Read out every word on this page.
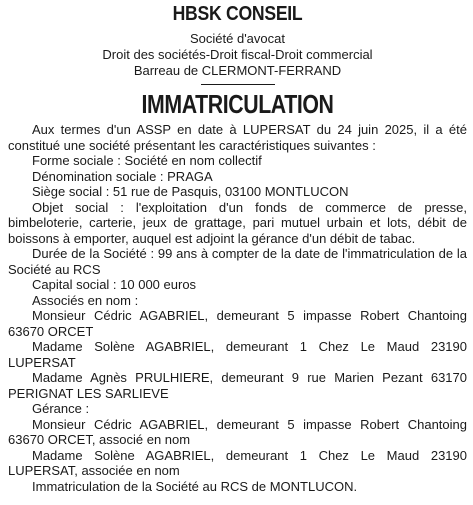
HBSK CONSEIL
Société d'avocat
Droit des sociétés-Droit fiscal-Droit commercial
Barreau de CLERMONT-FERRAND
IMMATRICULATION

Aux termes d'un ASSP en date à LUPERSAT du 24 juin 2025, il a été constitué une société présentant les caractéristiques suivantes :

Forme sociale : Société en nom collectif

Dénomination sociale : PRAGA

Siège social : 51 rue de Pasquis, 03100 MONTLUCON

Objet social : l'exploitation d'un fonds de commerce de presse, bimbeloterie, carterie, jeux de grattage, pari mutuel urbain et lots, débit de boissons à emporter, auquel est adjoint la gérance d'un débit de tabac.

Durée de la Société : 99 ans à compter de la date de l'immatriculation de la Société au RCS

Capital social : 10 000 euros

Associés en nom :

Monsieur Cédric AGABRIEL, demeurant 5 impasse Robert Chantoing 63670 ORCET

Madame Solène AGABRIEL, demeurant 1 Chez Le Maud 23190 LUPERSAT

Madame Agnès PRULHIERE, demeurant 9 rue Marien Pezant 63170 PERIGNAT LES SARLIEVE

Gérance :

Monsieur Cédric AGABRIEL, demeurant 5 impasse Robert Chantoing 63670 ORCET, associé en nom

Madame Solène AGABRIEL, demeurant 1 Chez Le Maud 23190 LUPERSAT, associée en nom

Immatriculation de la Société au RCS de MONTLUCON.
